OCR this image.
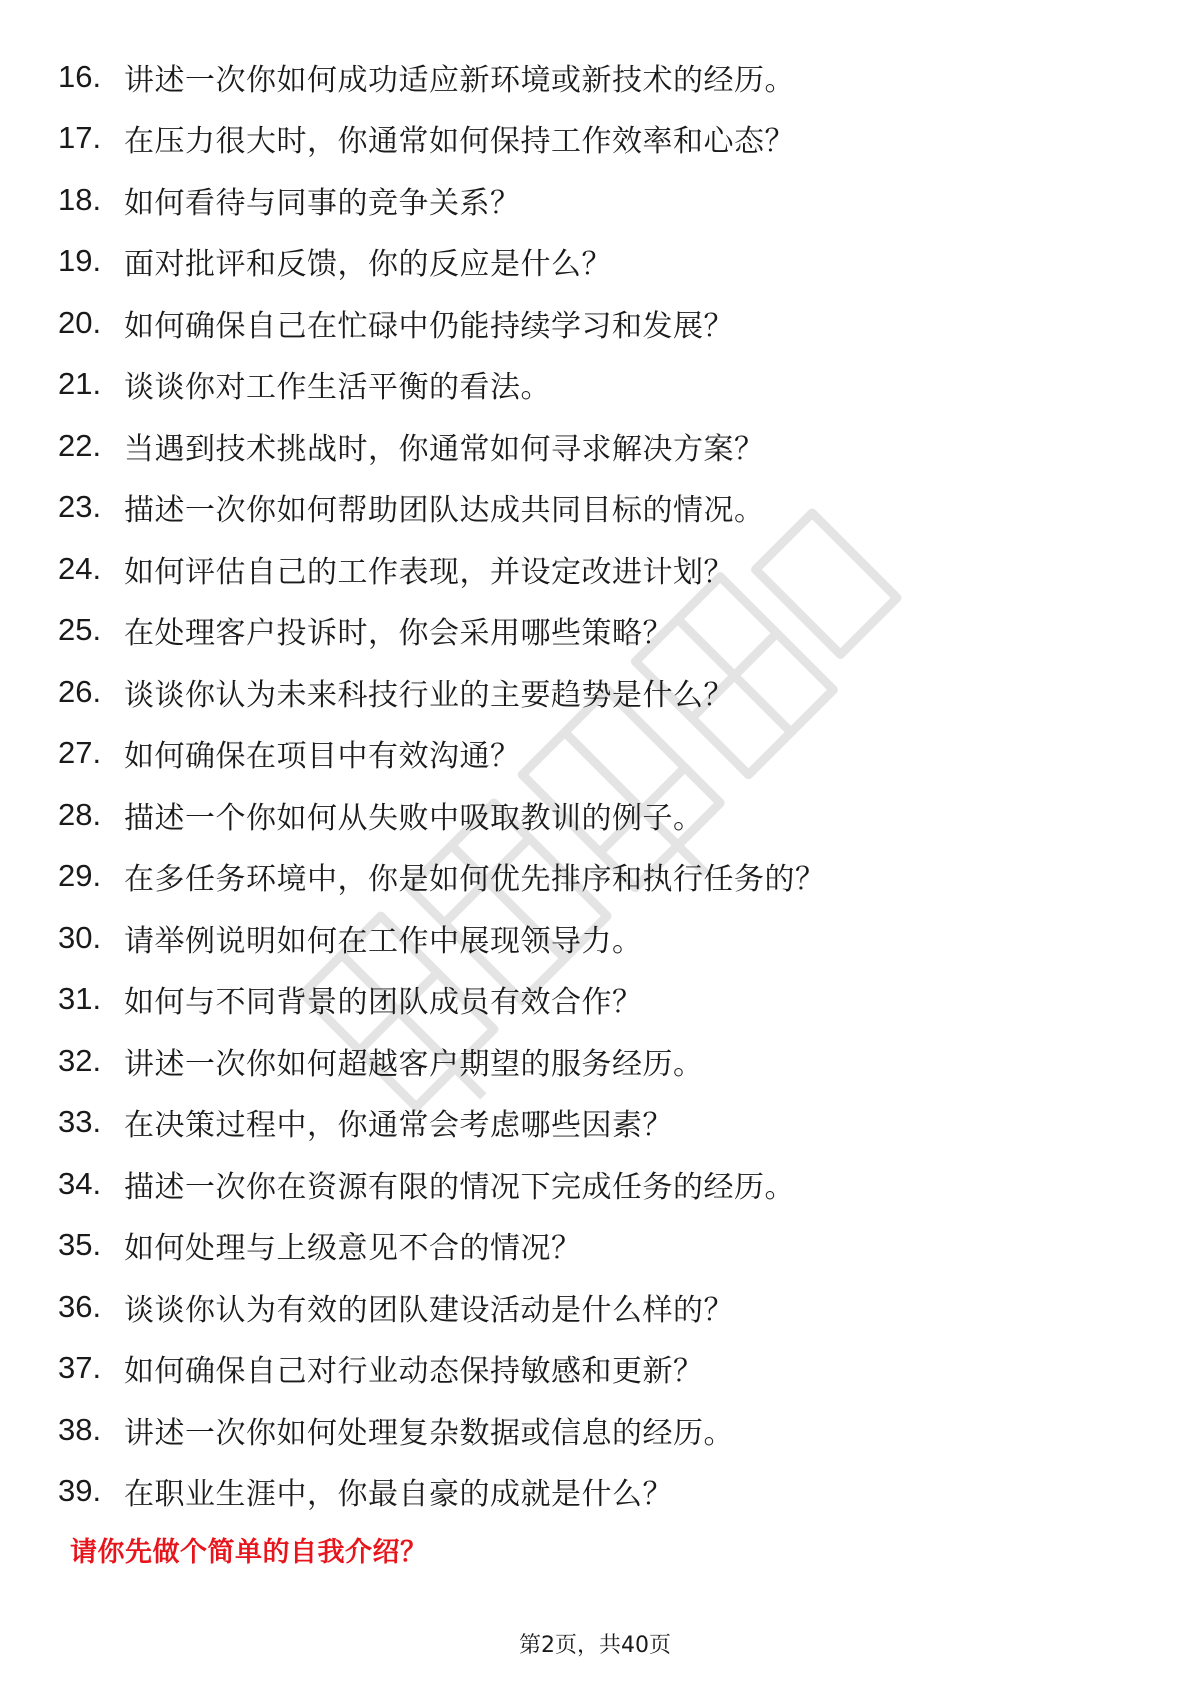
16. 讲述一次你如何成功适应新环境或新技术的经历。
17. 在压力很大时，你通常如何保持工作效率和心态？
18. 如何看待与同事的竞争关系？
19. 面对批评和反馈，你的反应是什么？
20. 如何确保自己在忙碌中仍能持续学习和发展？
21. 谈谈你对工作生活平衡的看法。
22. 当遇到技术挑战时，你通常如何寻求解决方案？
23. 描述一次你如何帮助团队达成共同目标的情况。
24. 如何评估自己的工作表现，并设定改进计划？
25. 在处理客户投诉时，你会采用哪些策略？
26. 谈谈你认为未来科技行业的主要趋势是什么？
27. 如何确保在项目中有效沟通？
28. 描述一个你如何从失败中吸取教训的例子。
29. 在多任务环境中，你是如何优先排序和执行任务的？
30. 请举例说明如何在工作中展现领导力。
31. 如何与不同背景的团队成员有效合作？
32. 讲述一次你如何超越客户期望的服务经历。
33. 在决策过程中，你通常会考虑哪些因素？
34. 描述一次你在资源有限的情况下完成任务的经历。
35. 如何处理与上级意见不合的情况？
36. 谈谈你认为有效的团队建设活动是什么样的？
37. 如何确保自己对行业动态保持敏感和更新？
38. 讲述一次你如何处理复杂数据或信息的经历。
39. 在职业生涯中，你最自豪的成就是什么？
请你先做个简单的自我介绍？
第2页，共40页
